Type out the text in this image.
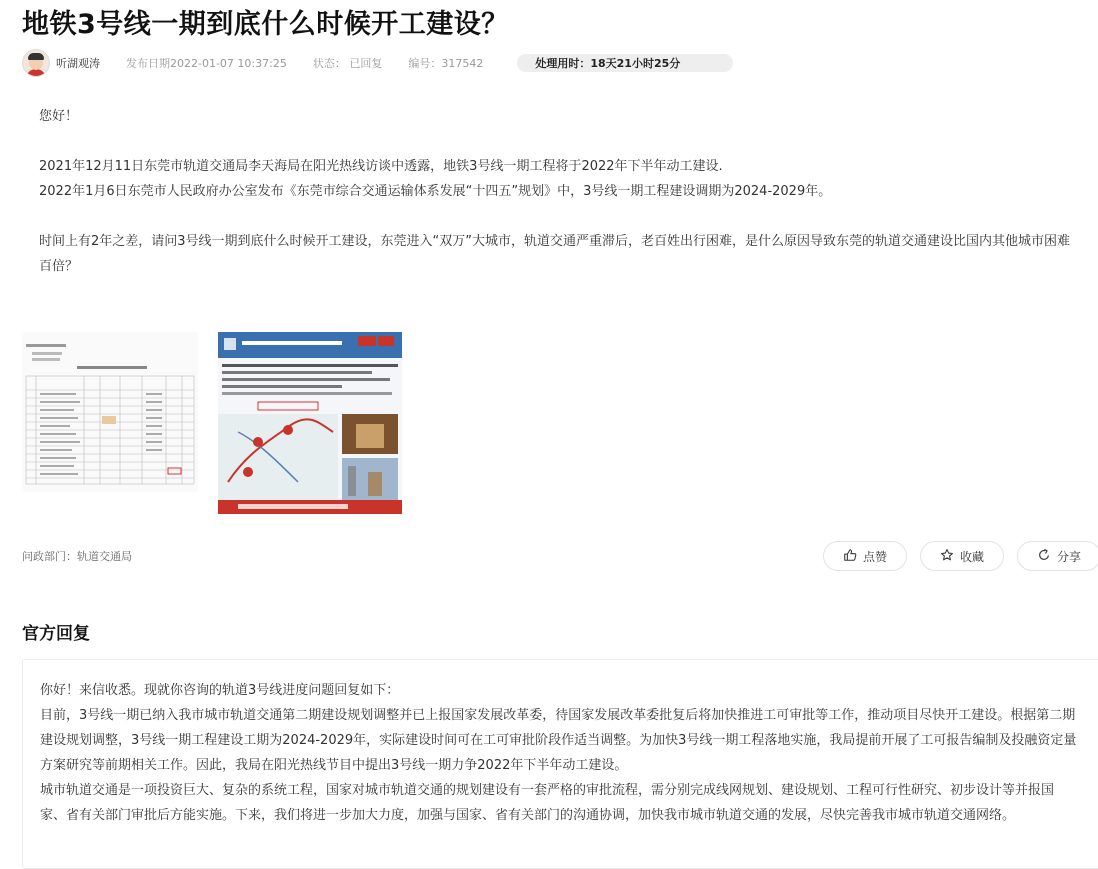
地铁3号线一期到底什么时候开工建设？
听湖观涛 发布日期2022-01-07 10:37:25 状态： 已回复 编号：317542	处理用时：18天21小时25分

您好！

2021年12月11日东莞市轨道交通局李天海局在阳光热线访谈中透露，地铁3号线一期工程将于2022年下半年动工建设.

2022年1月6日东莞市人民政府办公室发布《东莞市综合交通运输体系发展“十四五”规划》中，3号线一期工程建设调期为2024-2029年。

时间上有2年之差，请问3号线一期到底什么时候开工建设，东莞进入“双万”大城市，轨道交通严重滞后，老百姓出行困难，是什么原因导致东莞的轨道交通建设比国内其他城市困难百倍？

问政部门：轨道交通局	点赞	收藏	分享
官方回复

你好！来信收悉。现就你咨询的轨道3号线进度问题回复如下：

目前，3号线一期已纳入我市城市轨道交通第二期建设规划调整并已上报国家发展改革委，待国家发展改革委批复后将加快推进工可审批等工作，推动项目尽快开工建设。根据第二期建设规划调整，3号线一期工程建设工期为2024-2029年，实际建设时间可在工可审批阶段作适当调整。为加快3号线一期工程落地实施，我局提前开展了工可报告编制及投融资定量方案研究等前期相关工作。因此，我局在阳光热线节目中提出3号线一期力争2022年下半年动工建设。

城市轨道交通是一项投资巨大、复杂的系统工程，国家对城市轨道交通的规划建设有一套严格的审批流程，需分别完成线网规划、建设规划、工程可行性研究、初步设计等并报国家、省有关部门审批后方能实施。下来，我们将进一步加大力度，加强与国家、省有关部门的沟通协调，加快我市城市轨道交通的发展，尽快完善我市城市轨道交通网络。
